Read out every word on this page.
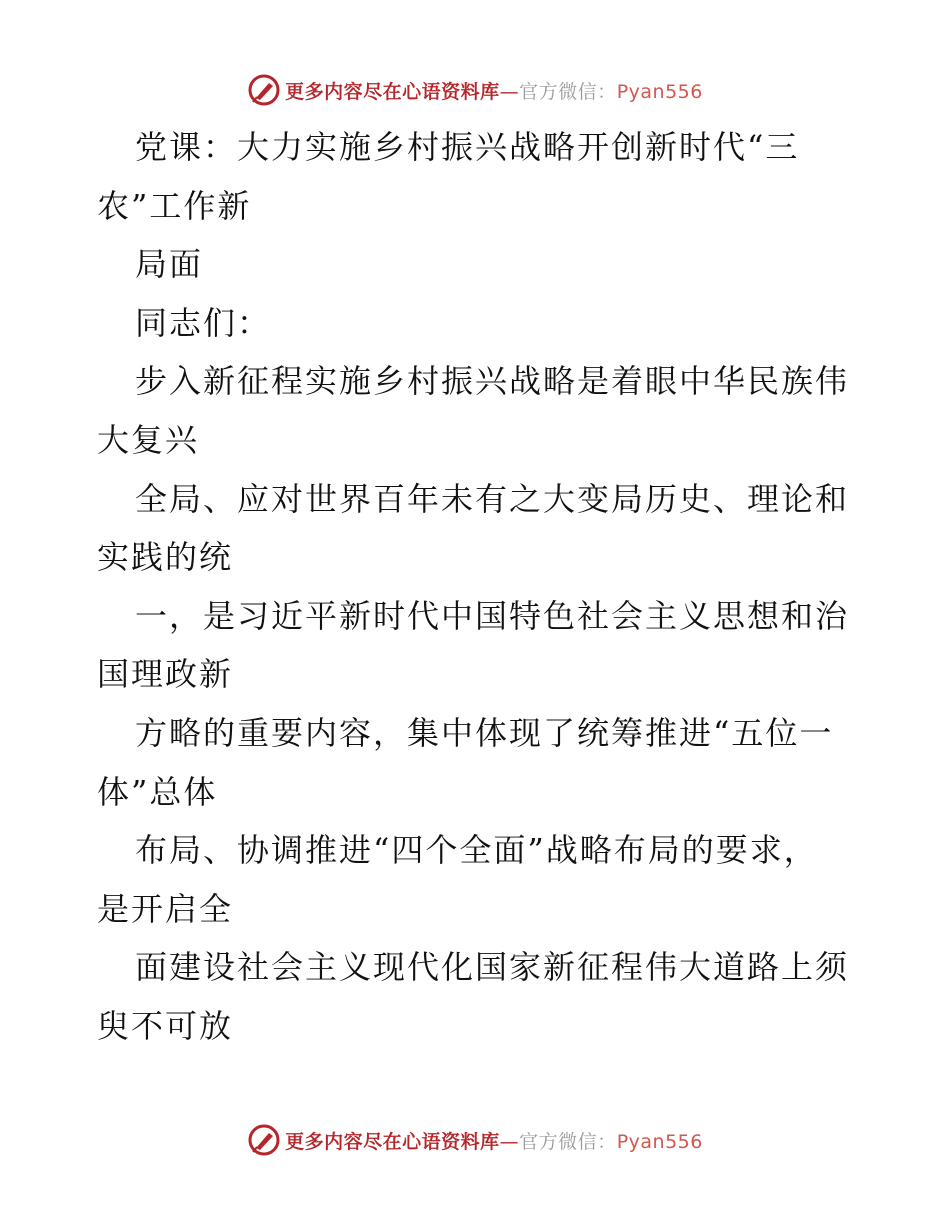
更多内容尽在心语资料库—官方微信：Pyan556
党课：大力实施乡村振兴战略开创新时代“三
农”工作新
局面
同志们：
步入新征程实施乡村振兴战略是着眼中华民族伟
大复兴
全局、应对世界百年未有之大变局历史、理论和
实践的统
一，是习近平新时代中国特色社会主义思想和治
国理政新
方略的重要内容，集中体现了统筹推进“五位一
体”总体
布局、协调推进“四个全面”战略布局的要求，
是开启全
面建设社会主义现代化国家新征程伟大道路上须
臾不可放
更多内容尽在心语资料库—官方微信：Pyan556
